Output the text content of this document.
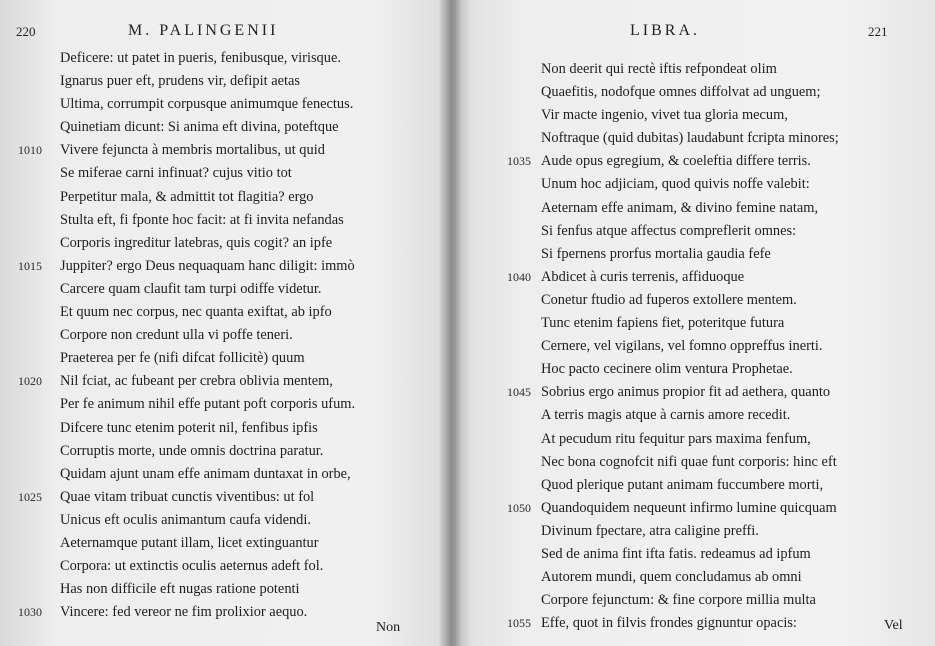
220	M. PALINGENII
Deficere: ut patet in pueris, fenibusque, virisque.
Ignarus puer eft, prudens vir, defipit aetas
Ultima, corrumpit corpusque animumque fenectus.
Quinetiam dicunt: Si anima eft divina, poteftque
1010 Vivere fejuncta à membris mortalibus, ut quid
Se miferae carni infinuat? cujus vitio tot
Perpetitur mala, & admittit tot flagitia? ergo
Stulta eft, fi fponte hoc facit: at fi invita nefandas
Corporis ingreditur latebras, quis cogit? an ipfe
1015 Juppiter? ergo Deus nequaquam hanc diligit: immò
Carcere quam claufit tam turpi odiffe videtur.
Et quum nec corpus, nec quanta exiftat, ab ipfo
Corpore non credunt ulla vi poffe teneri.
Praeterea per fe (nifi difcat follicitè) quum
1020 Nil fciat, ac fubeant per crebra oblivia mentem,
Per fe animum nihil effe putant poft corporis ufum.
Difcere tunc etenim poterit nil, fenfibus ipfis
Corruptis morte, unde omnis doctrina paratur.
Quidam ajunt unam effe animam duntaxat in orbe,
1025 Quae vitam tribuat cunctis viventibus: ut fol
Unicus eft oculis animantum caufa videndi.
Aeternamque putant illam, licet extinguantur
Corpora: ut extinctis oculis aeternus adeft fol.
Has non difficile eft nugas ratione potenti
1030 Vincere: fed vereor ne fim prolixior aequo.
Non
LIBRA.	221
Non deerit qui rectè iftis refpondeat olim
Quaefitis, nodofque omnes diffolvat ad unguem;
Vir macte ingenio, vivet tua gloria mecum,
Noftraque (quid dubitas) laudabunt fcripta minores;
1035 Aude opus egregium, & coeleftia differe terris.
Unum hoc adjiciam, quod quivis noffe valebit:
Aeternam effe animam, & divino femine natam,
Si fenfus atque affectus compreflerit omnes:
Si fpernens prorfus mortalia gaudia fefe
1040 Abdicet à curis terrenis, affiduoque
Conetur ftudio ad fuperos extollere mentem.
Tunc etenim fapiens fiet, poteritque futura
Cernere, vel vigilans, vel fomno oppreffus inerti.
Hoc pacto cecinere olim ventura Prophetae.
1045 Sobrius ergo animus propior fit ad aethera, quanto
A terris magis atque à carnis amore recedit.
At pecudum ritu fequitur pars maxima fenfum,
Nec bona cognofcit nifi quae funt corporis: hinc eft
Quod plerique putant animam fuccumbere morti,
1050 Quandoquidem nequeunt infirmo lumine quicquam
Divinum fpectare, atra caligine preffi.
Sed de anima fint ifta fatis. redeamus ad ipfum
Autorem mundi, quem concludamus ab omni
Corpore fejunctum: & fine corpore millia multa
1055 Effe, quot in filvis frondes gignuntur opacis:	Vel
